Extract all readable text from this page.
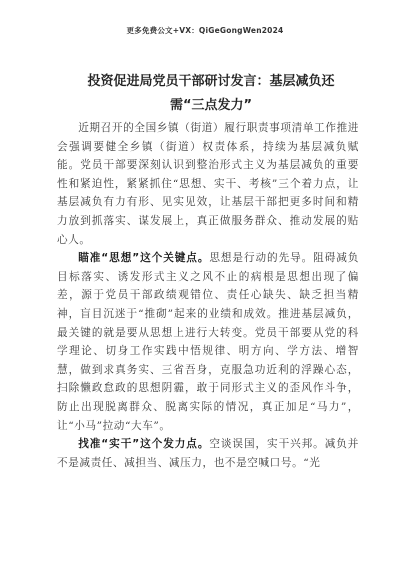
更多免费公文+VX：QiGeGongWen2024
投资促进局党员干部研讨发言：基层减负还需“三点发力”

近期召开的全国乡镇（街道）履行职责事项清单工作推进会强调要健全乡镇（街道）权责体系，持续为基层减负赋能。党员干部要深刻认识到整治形式主义为基层减负的重要性和紧迫性，紧紧抓住“思想、实干、考核”三个着力点，让基层减负有力有形、见实见效，让基层干部把更多时间和精力放到抓落实、谋发展上，真正做服务群众、推动发展的贴心人。

瞄准“思想”这个关键点。思想是行动的先导。阻碍减负目标落实、诱发形式主义之风不止的病根是思想出现了偏差，源于党员干部政绩观错位、责任心缺失、缺乏担当精神，盲目沉迷于“推砌”起来的业绩和成效。推进基层减负，最关键的就是要从思想上进行大转变。党员干部要从党的科学理论、切身工作实践中悟规律、明方向、学方法、增智慧，做到求真务实、三省吾身，克服急功近利的浮躁心态，扫除懒政怠政的思想阴霾，敢于同形式主义的歪风作斗争，防止出现脱离群众、脱离实际的情况，真正加足“马力”，让“小马”拉动“大车”。

找准“实干”这个发力点。空谈误国，实干兴邦。减负并不是减责任、减担当、减压力，也不是空喊口号。“光
